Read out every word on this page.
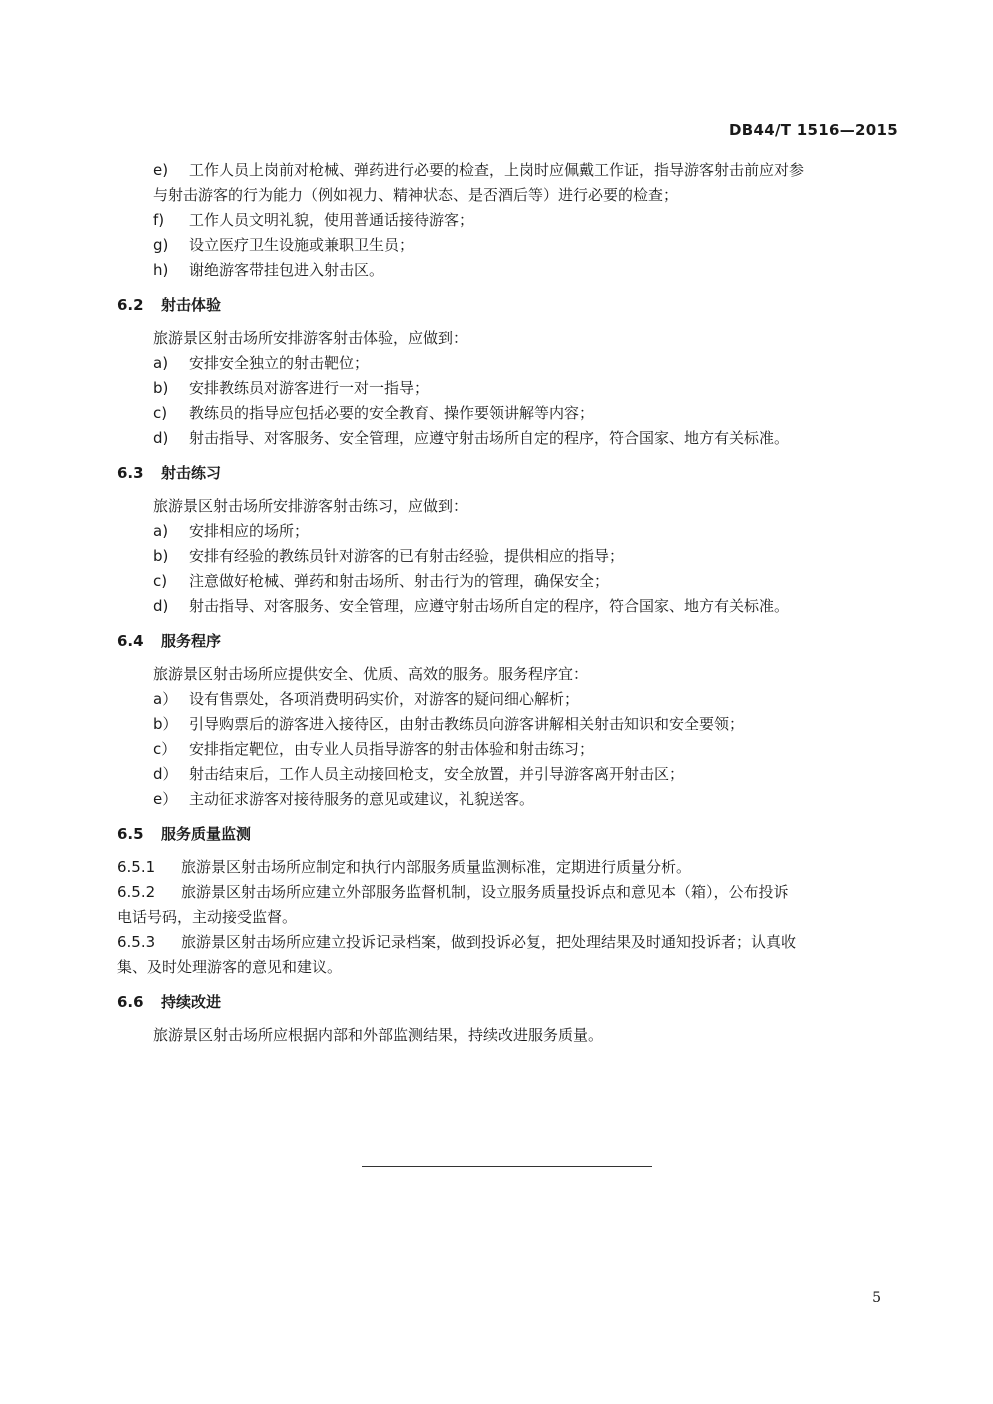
DB44/T 1516—2015
e)	工作人员上岗前对枪械、弹药进行必要的检查，上岗时应佩戴工作证，指导游客射击前应对参
与射击游客的行为能力（例如视力、精神状态、是否酒后等）进行必要的检查；
f) 工作人员文明礼貌，使用普通话接待游客；
g) 设立医疗卫生设施或兼职卫生员；
h) 谢绝游客带挂包进入射击区。
6.2 射击体验
旅游景区射击场所安排游客射击体验，应做到：
a) 安排安全独立的射击靶位；
b) 安排教练员对游客进行一对一指导；
c) 教练员的指导应包括必要的安全教育、操作要领讲解等内容；
d) 射击指导、对客服务、安全管理，应遵守射击场所自定的程序，符合国家、地方有关标准。
6.3 射击练习
旅游景区射击场所安排游客射击练习，应做到：
a) 安排相应的场所；
b) 安排有经验的教练员针对游客的已有射击经验，提供相应的指导；
c) 注意做好枪械、弹药和射击场所、射击行为的管理，确保安全；
d) 射击指导、对客服务、安全管理，应遵守射击场所自定的程序，符合国家、地方有关标准。
6.4 服务程序
旅游景区射击场所应提供安全、优质、高效的服务。服务程序宜：
a） 设有售票处，各项消费明码实价，对游客的疑问细心解析；
b） 引导购票后的游客进入接待区，由射击教练员向游客讲解相关射击知识和安全要领；
c） 安排指定靶位，由专业人员指导游客的射击体验和射击练习；
d） 射击结束后，工作人员主动接回枪支，安全放置，并引导游客离开射击区；
e） 主动征求游客对接待服务的意见或建议，礼貌送客。
6.5 服务质量监测
6.5.1 旅游景区射击场所应制定和执行内部服务质量监测标准，定期进行质量分析。
6.5.2 旅游景区射击场所应建立外部服务监督机制，设立服务质量投诉点和意见本（箱），公布投诉
电话号码，主动接受监督。
6.5.3 旅游景区射击场所应建立投诉记录档案，做到投诉必复，把处理结果及时通知投诉者；认真收
集、及时处理游客的意见和建议。
6.6 持续改进
旅游景区射击场所应根据内部和外部监测结果，持续改进服务质量。
5
